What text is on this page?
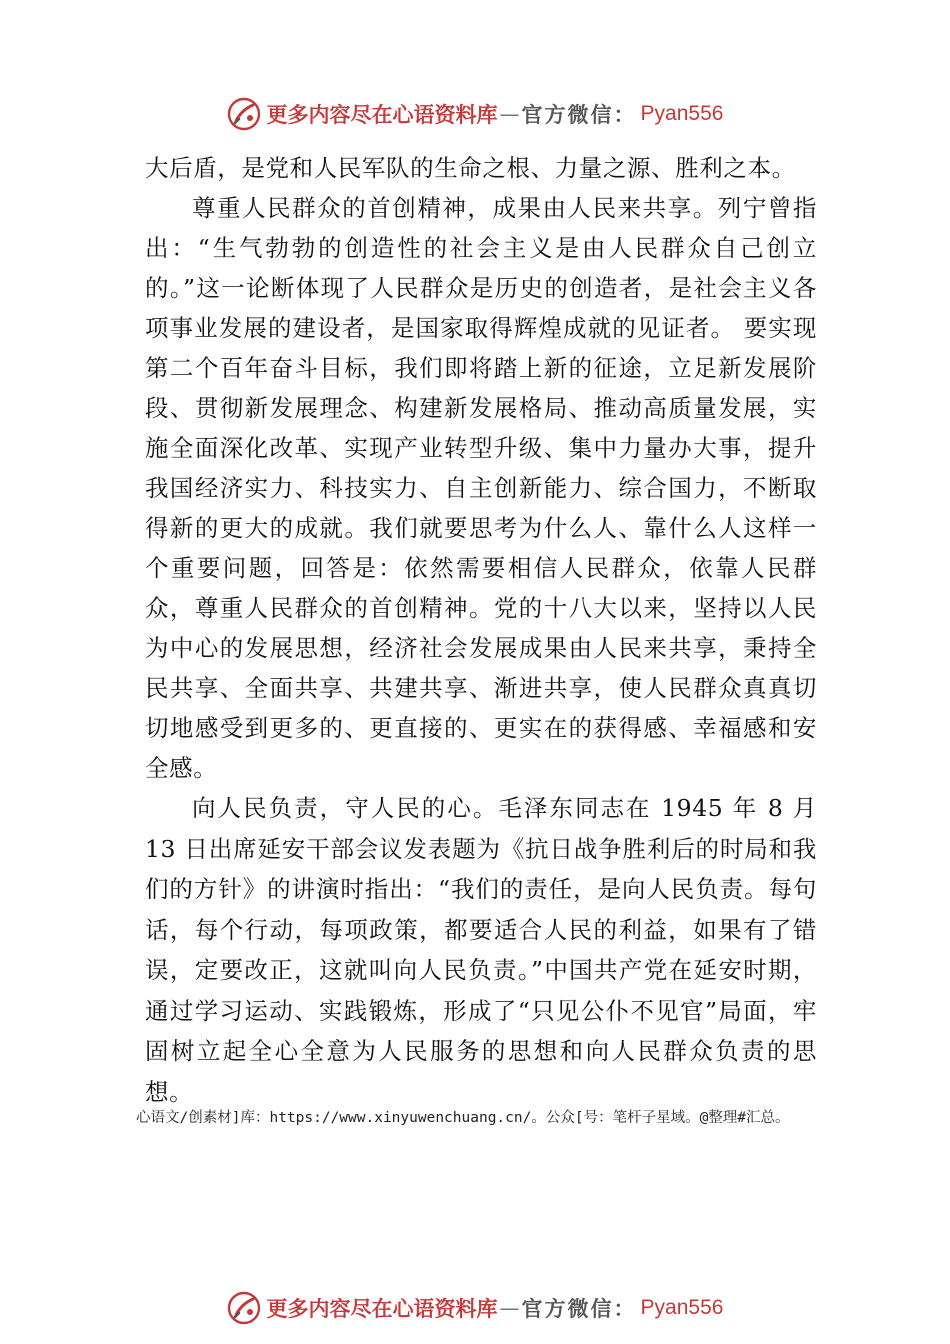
更多内容尽在心语资料库 — 官方微信： Pyan556

大后盾，是党和人民军队的生命之根、力量之源、胜利之本。

尊重人民群众的首创精神，成果由人民来共享。列宁曾指出：“生气勃勃的创造性的社会主义是由人民群众自己创立的。”这一论断体现了人民群众是历史的创造者，是社会主义各项事业发展的建设者，是国家取得辉煌成就的见证者。 要实现第二个百年奋斗目标，我们即将踏上新的征途，立足新发展阶段、贯彻新发展理念、构建新发展格局、推动高质量发展，实施全面深化改革、实现产业转型升级、集中力量办大事，提升我国经济实力、科技实力、自主创新能力、综合国力，不断取得新的更大的成就。我们就要思考为什么人、靠什么人这样一个重要问题，回答是：依然需要相信人民群众，依靠人民群众，尊重人民群众的首创精神。党的十八大以来，坚持以人民为中心的发展思想，经济社会发展成果由人民来共享，秉持全民共享、全面共享、共建共享、渐进共享，使人民群众真真切切地感受到更多的、更直接的、更实在的获得感、幸福感和安全感。

向人民负责，守人民的心。毛泽东同志在 1945 年 8 月 13 日出席延安干部会议发表题为《抗日战争胜利后的时局和我们的方针》的讲演时指出：“我们的责任，是向人民负责。每句话，每个行动，每项政策，都要适合人民的利益，如果有了错误，定要改正，这就叫向人民负责。”中国共产党在延安时期，通过学习运动、实践锻炼，形成了“只见公仆不见官”局面，牢固树立起全心全意为人民服务的思想和向人民群众负责的思想。

心语文/创素材]库：https://www.xinyuwenchuang.cn/。公众[号：笔杆子星域。@整理#汇总。
更多内容尽在心语资料库 — 官方微信： Pyan556
